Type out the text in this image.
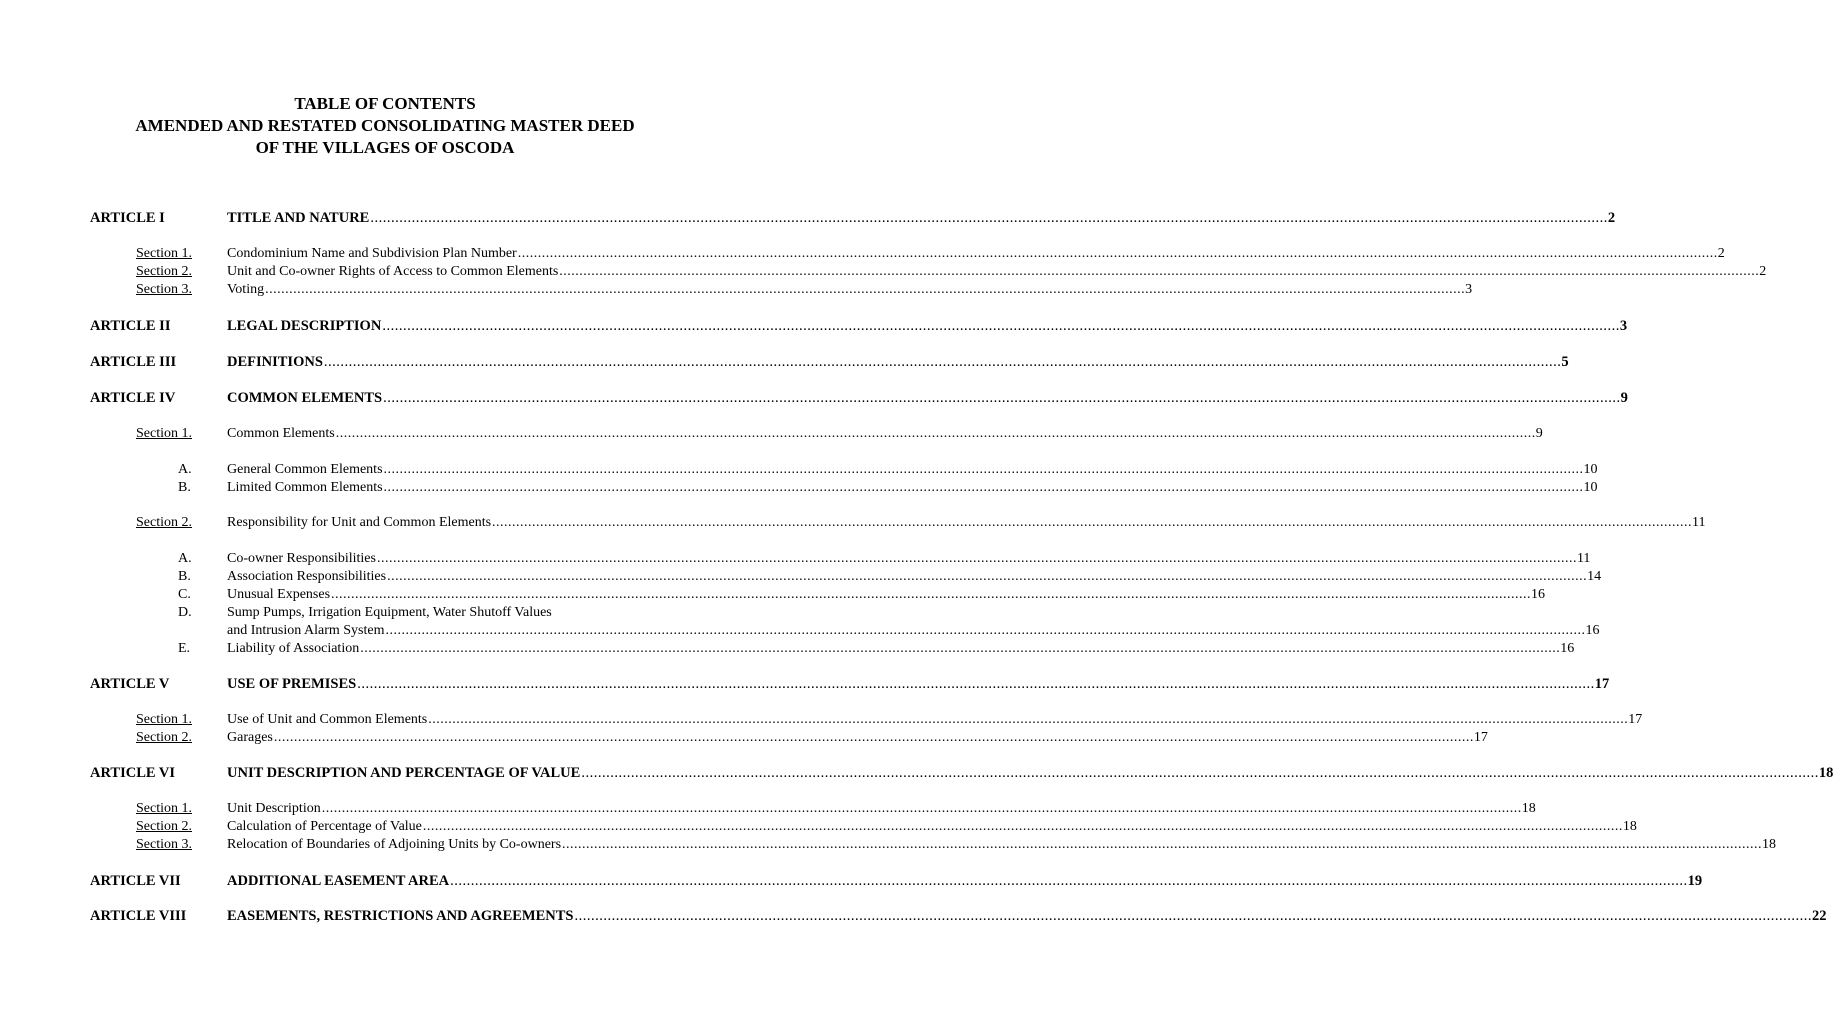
TABLE OF CONTENTS
AMENDED AND RESTATED CONSOLIDATING MASTER DEED
OF THE VILLAGES OF OSCODA
ARTICLE I	TITLE AND NATURE ............................................................................................................................................................................................................................................................................................................ 2
Section 1.	Condominium Name and Subdivision Plan Number ............................................................................................................................................................................................................................................................................................................ 2
Section 2.	Unit and Co-owner Rights of Access to Common Elements ............................................................................................................................................................................................................................................................................................................ 2
Section 3.	Voting ............................................................................................................................................................................................................................................................................................................ 3
ARTICLE II	LEGAL DESCRIPTION ............................................................................................................................................................................................................................................................................................................ 3
ARTICLE III	DEFINITIONS ............................................................................................................................................................................................................................................................................................................ 5
ARTICLE IV	COMMON ELEMENTS ............................................................................................................................................................................................................................................................................................................ 9
Section 1.	Common Elements ............................................................................................................................................................................................................................................................................................................ 9
A.	General Common Elements ............................................................................................................................................................................................................................................................................................................ 10
B.	Limited Common Elements ............................................................................................................................................................................................................................................................................................................ 10
Section 2.	Responsibility for Unit and Common Elements ............................................................................................................................................................................................................................................................................................................ 11
A.	Co-owner Responsibilities ............................................................................................................................................................................................................................................................................................................ 11
B.	Association Responsibilities ............................................................................................................................................................................................................................................................................................................ 14
C.	Unusual Expenses ............................................................................................................................................................................................................................................................................................................ 16
D.	Sump Pumps, Irrigation Equipment, Water Shutoff Values
and Intrusion Alarm System ............................................................................................................................................................................................................................................................................................................ 16
E.	Liability of Association ............................................................................................................................................................................................................................................................................................................ 16
ARTICLE V	USE OF PREMISES ............................................................................................................................................................................................................................................................................................................ 17
Section 1.	Use of Unit and Common Elements ............................................................................................................................................................................................................................................................................................................ 17
Section 2.	Garages ............................................................................................................................................................................................................................................................................................................ 17
ARTICLE VI	UNIT DESCRIPTION AND PERCENTAGE OF VALUE ............................................................................................................................................................................................................................................................................................................ 18
Section 1.	Unit Description ............................................................................................................................................................................................................................................................................................................ 18
Section 2.	Calculation of Percentage of Value ............................................................................................................................................................................................................................................................................................................ 18
Section 3.	Relocation of Boundaries of Adjoining Units by Co-owners ............................................................................................................................................................................................................................................................................................................ 18
ARTICLE VII	ADDITIONAL EASEMENT AREA ............................................................................................................................................................................................................................................................................................................ 19
ARTICLE VIII	EASEMENTS, RESTRICTIONS AND AGREEMENTS ............................................................................................................................................................................................................................................................................................................ 22
